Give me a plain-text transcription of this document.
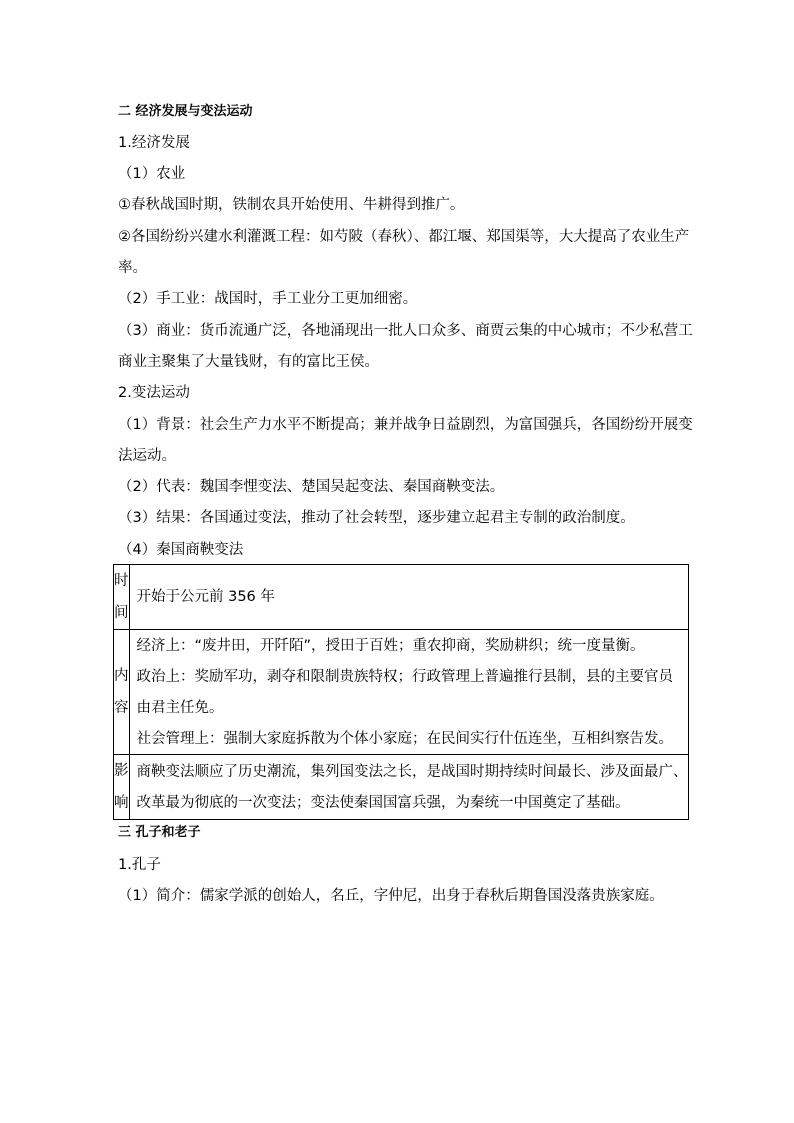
二 经济发展与变法运动
1.经济发展
（1）农业
①春秋战国时期，铁制农具开始使用、牛耕得到推广。
②各国纷纷兴建水利灌溉工程：如芍陂（春秋）、都江堰、郑国渠等，大大提高了农业生产
率。
（2）手工业：战国时，手工业分工更加细密。
（3）商业：货币流通广泛，各地涌现出一批人口众多、商贾云集的中心城市；不少私营工
商业主聚集了大量钱财，有的富比王侯。
2.变法运动
（1）背景：社会生产力水平不断提高；兼并战争日益剧烈，为富国强兵，各国纷纷开展变
法运动。
（2）代表：魏国李悝变法、楚国吴起变法、秦国商鞅变法。
（3）结果：各国通过变法，推动了社会转型，逐步建立起君主专制的政治制度。
（4）秦国商鞅变法
时
间	开始于公元前 356 年

内
容	经济上：“废井田，开阡陌”，授田于百姓；重农抑商，奖励耕织；统一度量衡。
政治上：奖励军功，剥夺和限制贵族特权；行政管理上普遍推行县制，县的主要官员
由君主任免。
社会管理上：强制大家庭拆散为个体小家庭；在民间实行什伍连坐，互相纠察告发。

影
响	商鞅变法顺应了历史潮流，集列国变法之长，是战国时期持续时间最长、涉及面最广、
改革最为彻底的一次变法；变法使秦国国富兵强，为秦统一中国奠定了基础。
三 孔子和老子
1.孔子
（1）简介：儒家学派的创始人，名丘，字仲尼，出身于春秋后期鲁国没落贵族家庭。
